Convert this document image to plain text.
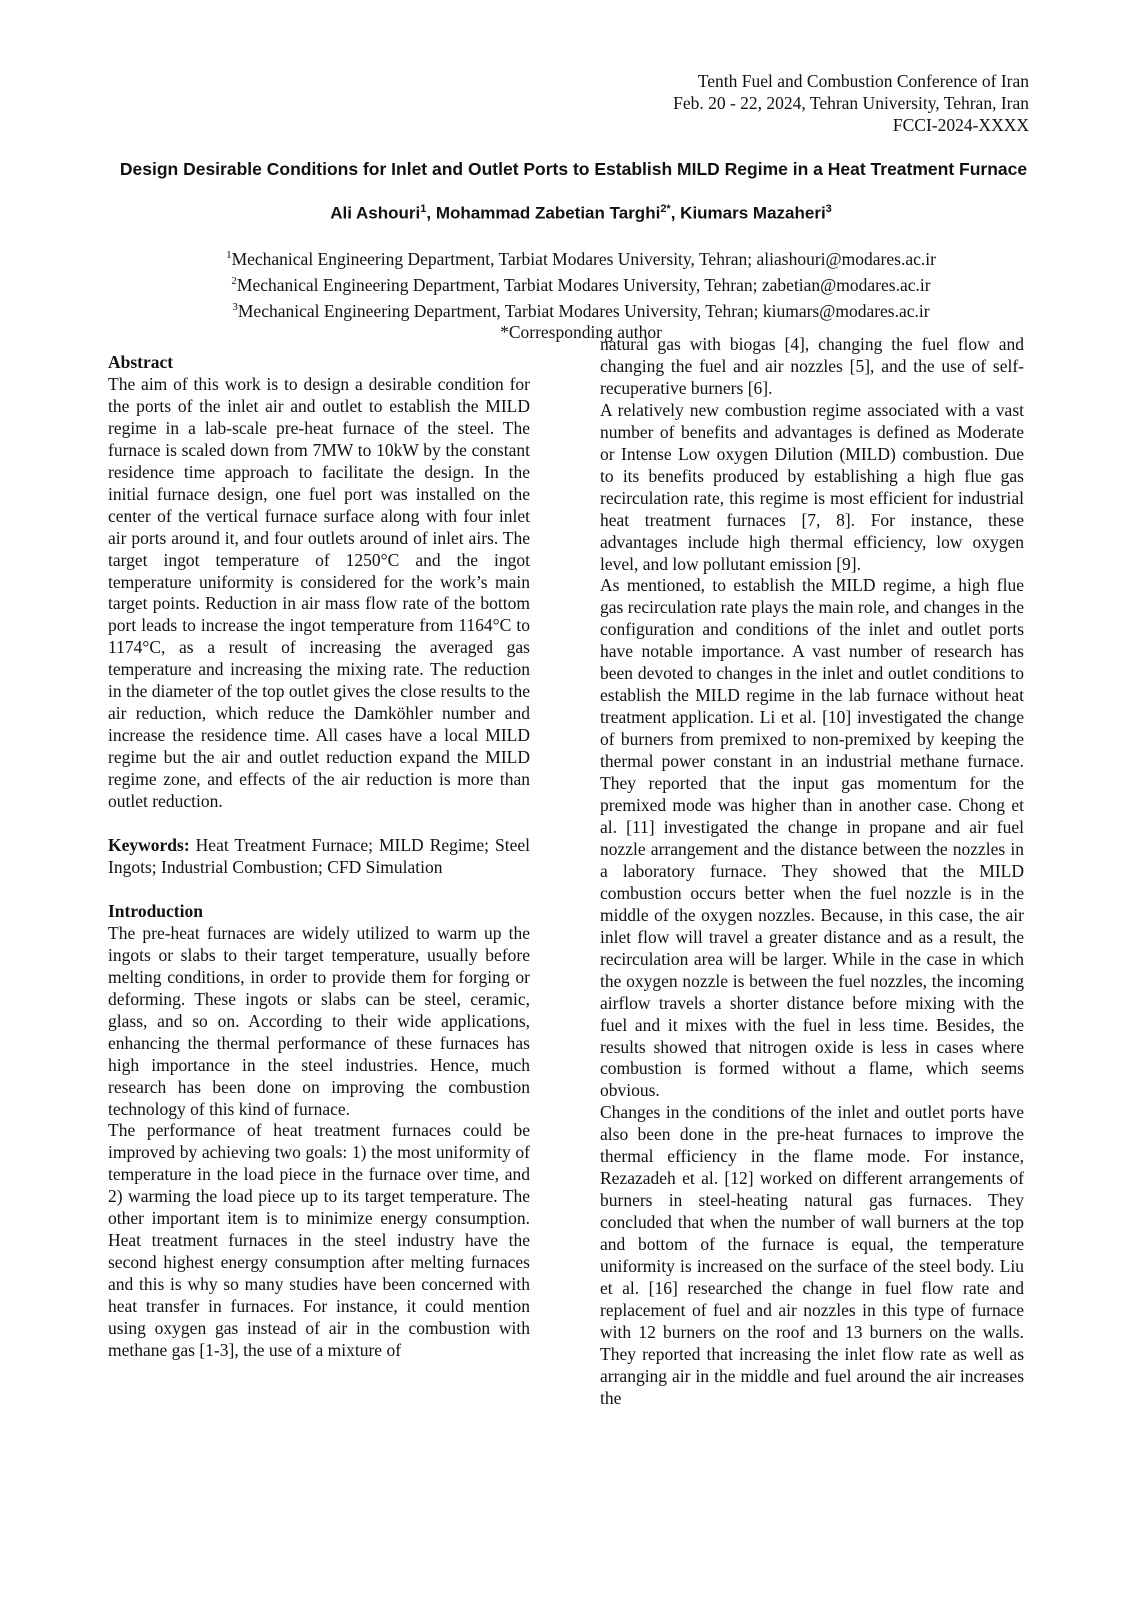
Tenth Fuel and Combustion Conference of Iran
Feb. 20 - 22, 2024, Tehran University, Tehran, Iran
FCCI-2024-XXXX
Design Desirable Conditions for Inlet and Outlet Ports to Establish MILD Regime in a Heat Treatment Furnace
Ali Ashouri$^1$, Mohammad Zabetian Targhi$^{2*}$, Kiumars Mazaheri$^3$
$^1$Mechanical Engineering Department, Tarbiat Modares University, Tehran; aliashouri@modares.ac.ir
$^2$Mechanical Engineering Department, Tarbiat Modares University, Tehran; zabetian@modares.ac.ir
$^3$Mechanical Engineering Department, Tarbiat Modares University, Tehran; kiumars@modares.ac.ir
*Corresponding author

Abstract

The aim of this work is to design a desirable condition for the ports of the inlet air and outlet to establish the MILD regime in a lab-scale pre-heat furnace of the steel. The furnace is scaled down from 7MW to 10kW by the constant residence time approach to facilitate the design. In the initial furnace design, one fuel port was installed on the center of the vertical furnace surface along with four inlet air ports around it, and four outlets around of inlet airs. The target ingot temperature of 1250°C and the ingot temperature uniformity is considered for the work’s main target points. Reduction in air mass flow rate of the bottom port leads to increase the ingot temperature from 1164°C to 1174°C, as a result of increasing the averaged gas temperature and increasing the mixing rate. The reduction in the diameter of the top outlet gives the close results to the air reduction, which reduce the Damköhler number and increase the residence time. All cases have a local MILD regime but the air and outlet reduction expand the MILD regime zone, and effects of the air reduction is more than outlet reduction.

Keywords: Heat Treatment Furnace; MILD Regime; Steel Ingots; Industrial Combustion; CFD Simulation

Introduction

The pre-heat furnaces are widely utilized to warm up the ingots or slabs to their target temperature, usually before melting conditions, in order to provide them for forging or deforming. These ingots or slabs can be steel, ceramic, glass, and so on. According to their wide applications, enhancing the thermal performance of these furnaces has high importance in the steel industries. Hence, much research has been done on improving the combustion technology of this kind of furnace.

The performance of heat treatment furnaces could be improved by achieving two goals: 1) the most uniformity of temperature in the load piece in the furnace over time, and 2) warming the load piece up to its target temperature. The other important item is to minimize energy consumption. Heat treatment furnaces in the steel industry have the second highest energy consumption after melting furnaces and this is why so many studies have been concerned with heat transfer in furnaces. For instance, it could mention using oxygen gas instead of air in the combustion with methane gas [1-3], the use of a mixture of

natural gas with biogas [4], changing the fuel flow and changing the fuel and air nozzles [5], and the use of self-recuperative burners [6].

A relatively new combustion regime associated with a vast number of benefits and advantages is defined as Moderate or Intense Low oxygen Dilution (MILD) combustion. Due to its benefits produced by establishing a high flue gas recirculation rate, this regime is most efficient for industrial heat treatment furnaces [7, 8]. For instance, these advantages include high thermal efficiency, low oxygen level, and low pollutant emission [9].

As mentioned, to establish the MILD regime, a high flue gas recirculation rate plays the main role, and changes in the configuration and conditions of the inlet and outlet ports have notable importance. A vast number of research has been devoted to changes in the inlet and outlet conditions to establish the MILD regime in the lab furnace without heat treatment application. Li et al. [10] investigated the change of burners from premixed to non-premixed by keeping the thermal power constant in an industrial methane furnace. They reported that the input gas momentum for the premixed mode was higher than in another case. Chong et al. [11] investigated the change in propane and air fuel nozzle arrangement and the distance between the nozzles in a laboratory furnace. They showed that the MILD combustion occurs better when the fuel nozzle is in the middle of the oxygen nozzles. Because, in this case, the air inlet flow will travel a greater distance and as a result, the recirculation area will be larger. While in the case in which the oxygen nozzle is between the fuel nozzles, the incoming airflow travels a shorter distance before mixing with the fuel and it mixes with the fuel in less time. Besides, the results showed that nitrogen oxide is less in cases where combustion is formed without a flame, which seems obvious.

Changes in the conditions of the inlet and outlet ports have also been done in the pre-heat furnaces to improve the thermal efficiency in the flame mode. For instance, Rezazadeh et al. [12] worked on different arrangements of burners in steel-heating natural gas furnaces. They concluded that when the number of wall burners at the top and bottom of the furnace is equal, the temperature uniformity is increased on the surface of the steel body. Liu et al. [16] researched the change in fuel flow rate and replacement of fuel and air nozzles in this type of furnace with 12 burners on the roof and 13 burners on the walls. They reported that increasing the inlet flow rate as well as arranging air in the middle and fuel around the air increases the
